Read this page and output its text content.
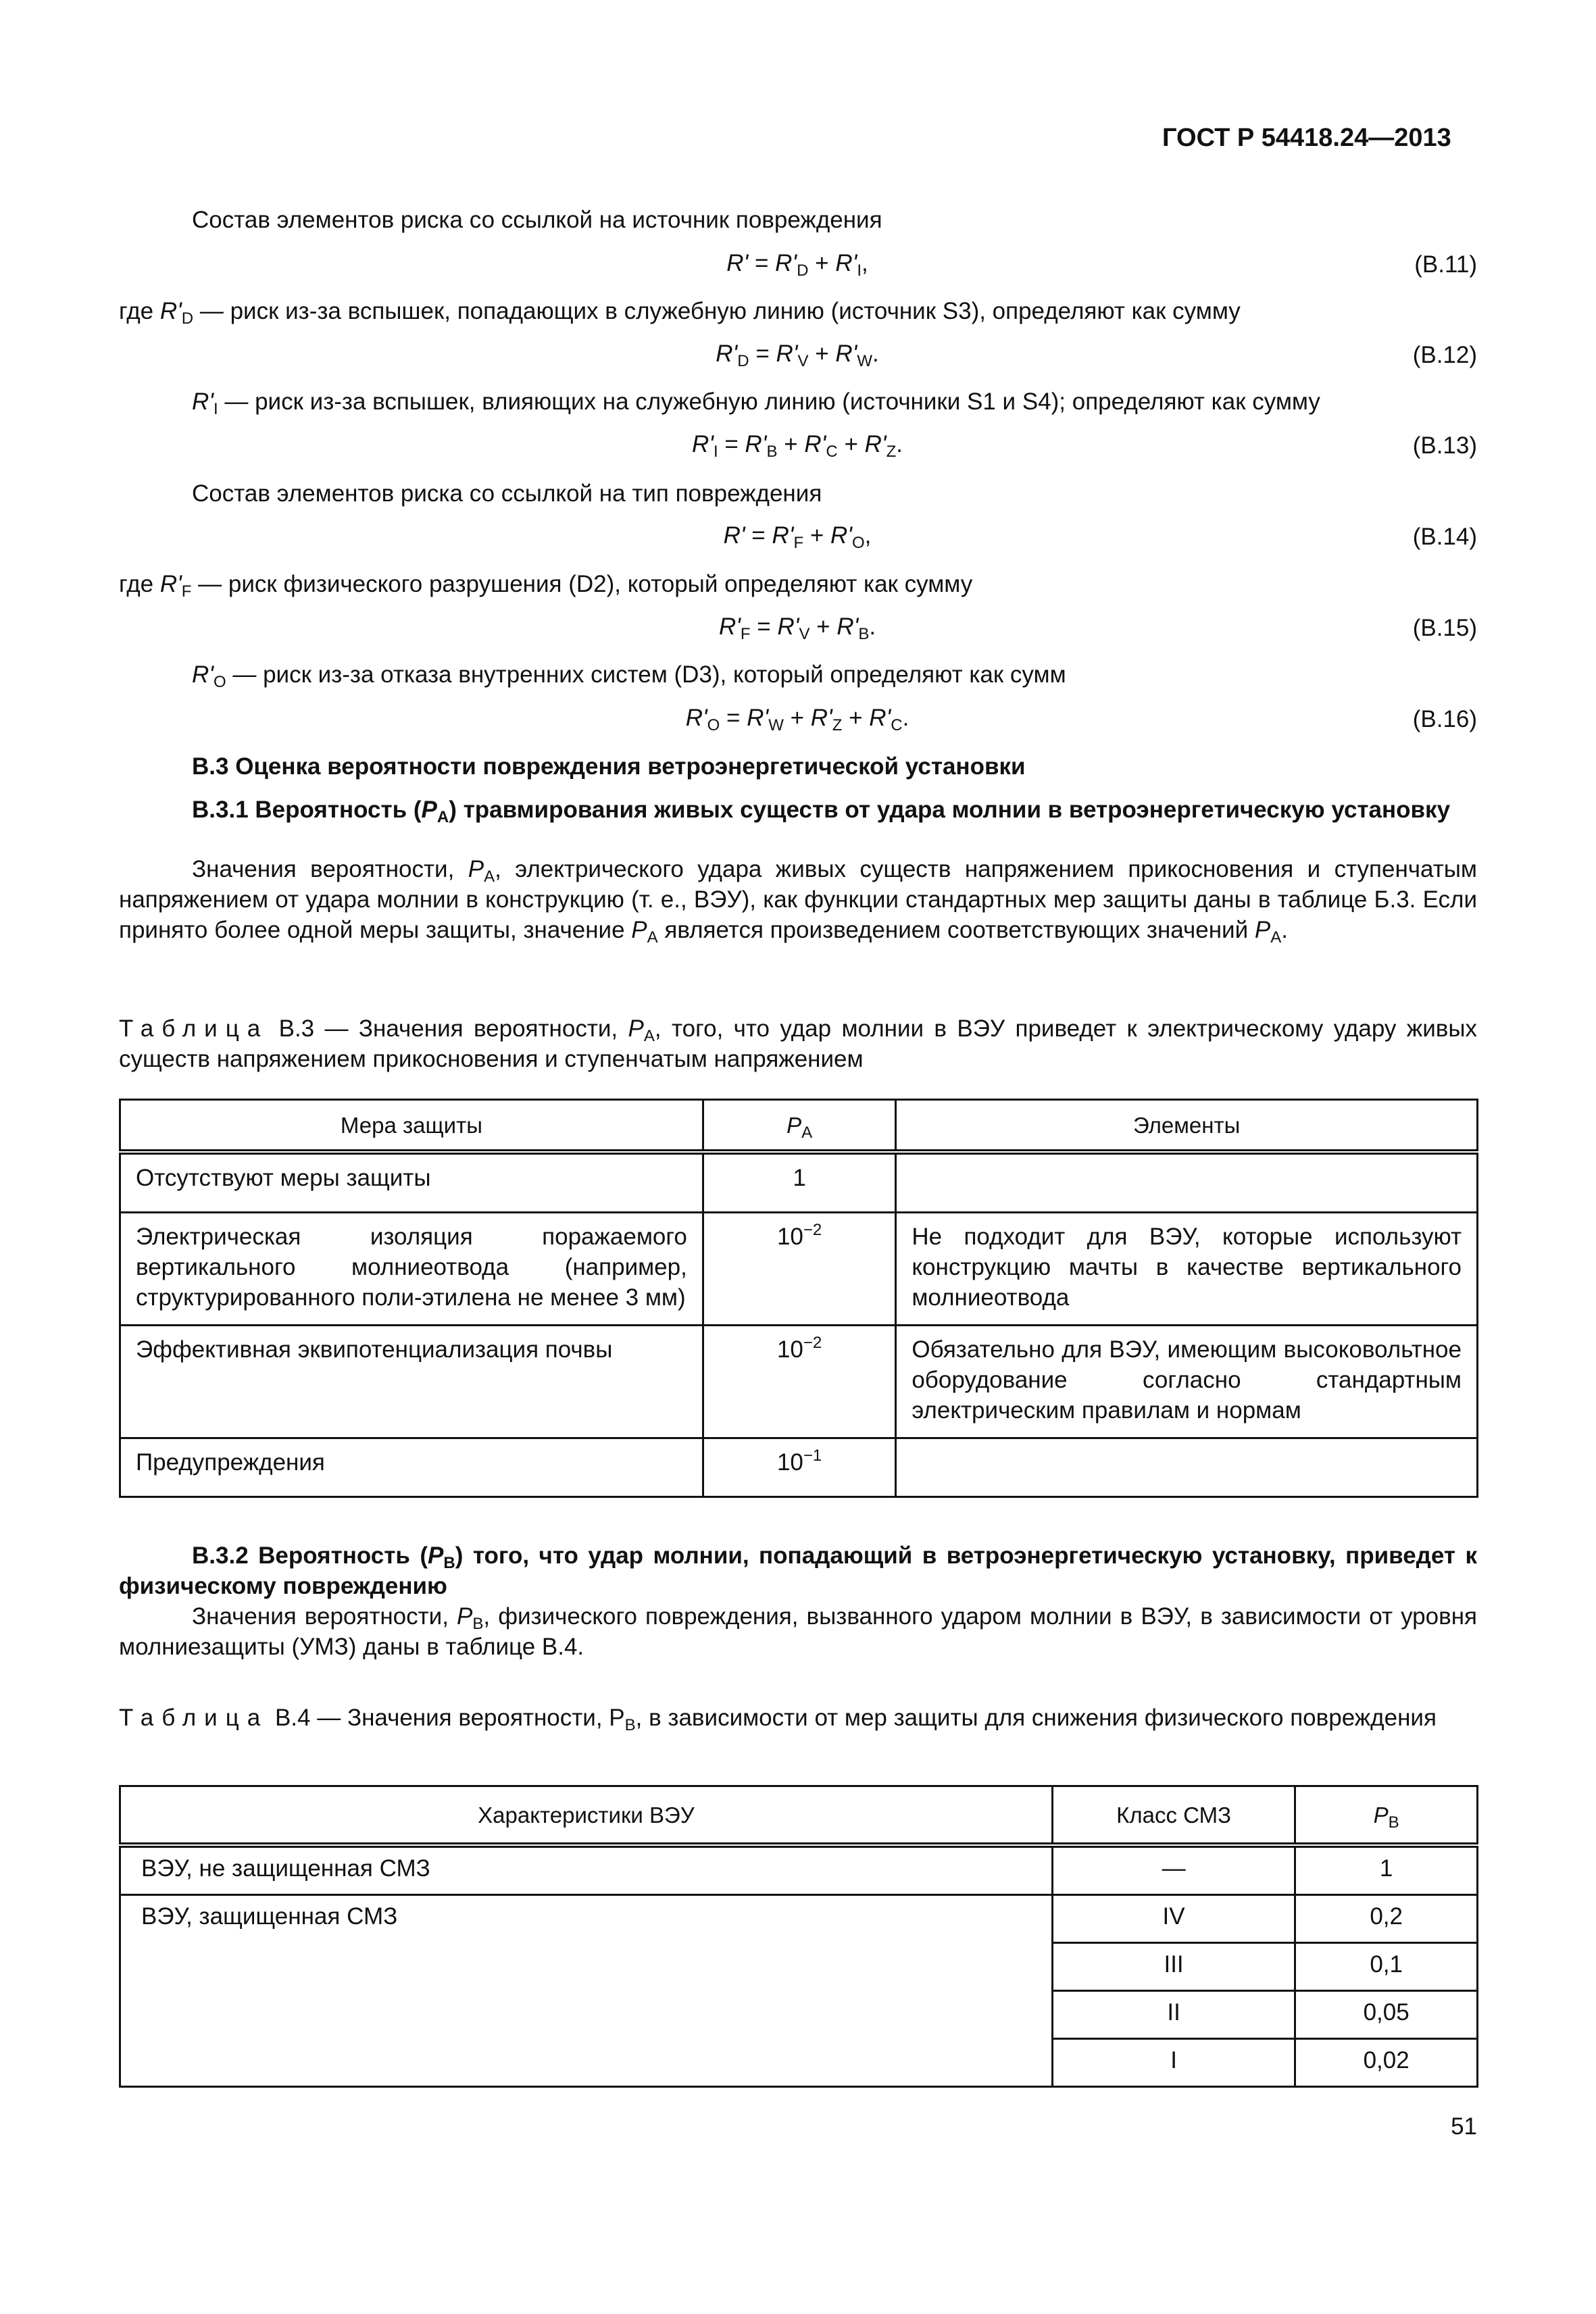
ГОСТ Р 54418.24—2013
Состав элементов риска со ссылкой на источник повреждения
$R' = R'_D + R'_I$,	(В.11)
где $R'_D$ — риск из-за вспышек, попадающих в служебную линию (источник S3), определяют как сумму
$R'_D = R'_V + R'_W$.	(В.12)
$R'_I$ — риск из-за вспышек, влияющих на служебную линию (источники S1 и S4); определяют как сумму
$R'_I = R'_B + R'_C + R'_Z$.	(В.13)
Состав элементов риска со ссылкой на тип повреждения
$R' = R'_F + R'_O$,	(В.14)
где $R'_F$ — риск физического разрушения (D2), который определяют как сумму
$R'_F = R'_V + R'_B$.	(В.15)
$R'_O$ — риск из-за отказа внутренних систем (D3), который определяют как сумм
$R'_O = R'_W + R'_Z + R'_C$.	(В.16)
В.3 Оценка вероятности повреждения ветроэнергетической установки
В.3.1 Вероятность $(P_A)$ травмирования живых существ от удара молнии в ветроэнергетическую установку
Значения вероятности, $P_A$, электрического удара живых существ напряжением прикосновения и ступенчатым напряжением от удара молнии в конструкцию (т. е., ВЭУ), как функции стандартных мер защиты даны в таблице Б.3. Если принято более одной меры защиты, значение $P_A$ является произведением соответствующих значений $P_A$.
Таблица В.3 — Значения вероятности, $P_A$, того, что удар молнии в ВЭУ приведет к электрическому удару живых существ напряжением прикосновения и ступенчатым напряжением
Мера защиты	$P_A$	Элементы
Отсутствуют меры защиты	1	
Электрическая изоляция поражаемого вертикального молниеотвода (например, структурированного поли-этилена не менее 3 мм)	$10^{-2}$	Не подходит для ВЭУ, которые используют конструкцию мачты в качестве вертикального молниеотвода
Эффективная эквипотенциализация почвы	$10^{-2}$	Обязательно для ВЭУ, имеющим высоковольтное оборудование согласно стандартным электрическим правилам и нормам
Предупреждения	$10^{-1}$	
В.3.2 Вероятность $(P_B)$ того, что удар молнии, попадающий в ветроэнергетическую установку, приведет к физическому повреждению
Значения вероятности, $P_B$, физического повреждения, вызванного ударом молнии в ВЭУ, в зависимости от уровня молниезащиты (УМЗ) даны в таблице В.4.
Таблица В.4 — Значения вероятности, $Р_B$, в зависимости от мер защиты для снижения физического повреждения
Характеристики ВЭУ	Класс СМЗ	$P_B$
ВЭУ, не защищенная СМЗ	—	1
ВЭУ, защищенная СМЗ	IV	0,2
	III	0,1
	II	0,05
	I	0,02
51
